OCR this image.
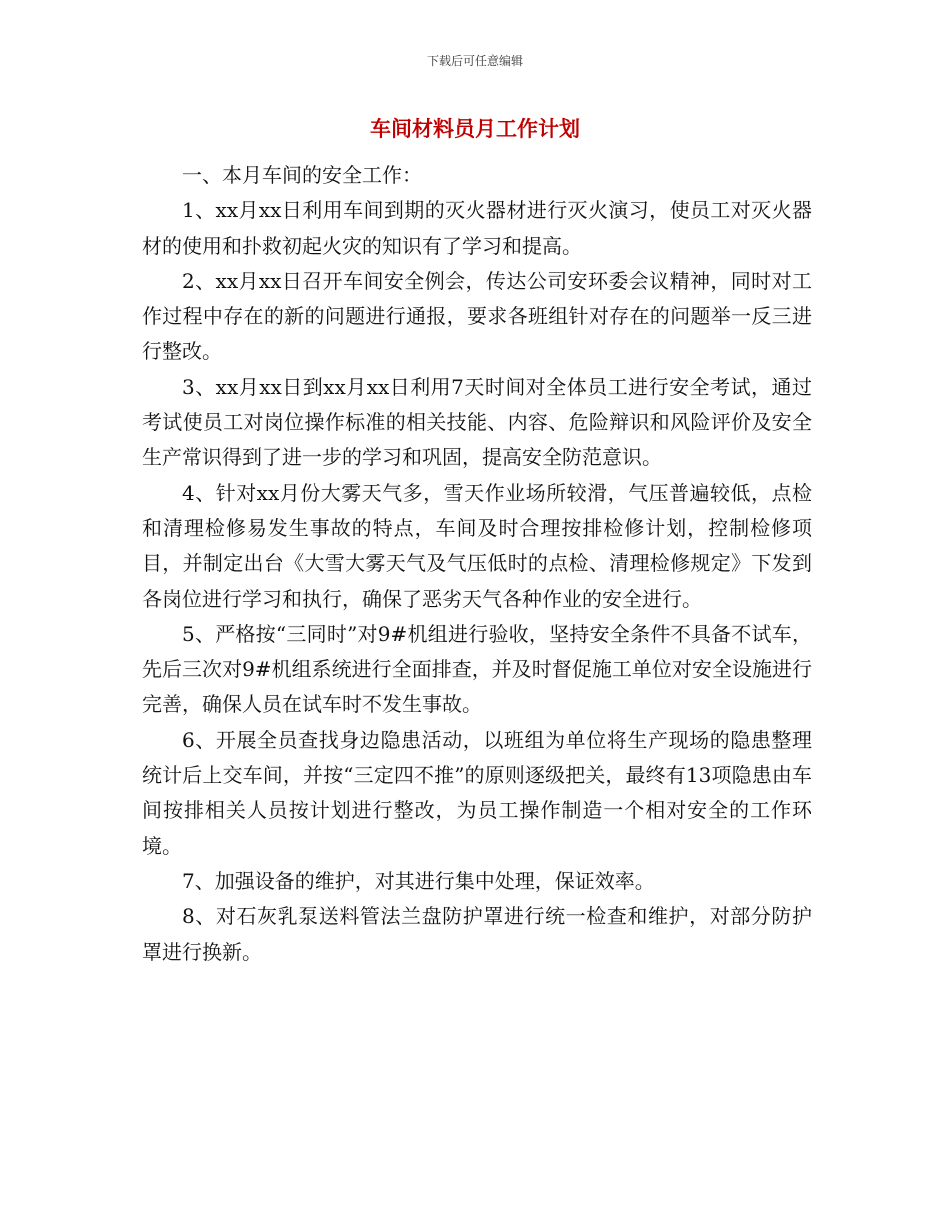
下载后可任意编辑
车间材料员月工作计划

一、本月车间的安全工作：

1、xx月xx日利用车间到期的灭火器材进行灭火演习，使员工对灭火器材的使用和扑救初起火灾的知识有了学习和提高。

2、xx月xx日召开车间安全例会，传达公司安环委会议精神，同时对工作过程中存在的新的问题进行通报，要求各班组针对存在的问题举一反三进行整改。

3、xx月xx日到xx月xx日利用7天时间对全体员工进行安全考试，通过考试使员工对岗位操作标准的相关技能、内容、危险辩识和风险评价及安全生产常识得到了进一步的学习和巩固，提高安全防范意识。

4、针对xx月份大雾天气多，雪天作业场所较滑，气压普遍较低，点检和清理检修易发生事故的特点，车间及时合理按排检修计划，控制检修项目，并制定出台《大雪大雾天气及气压低时的点检、清理检修规定》下发到各岗位进行学习和执行，确保了恶劣天气各种作业的安全进行。

5、严格按“三同时”对9#机组进行验收，坚持安全条件不具备不试车，先后三次对9#机组系统进行全面排查，并及时督促施工单位对安全设施进行完善，确保人员在试车时不发生事故。

6、开展全员查找身边隐患活动，以班组为单位将生产现场的隐患整理统计后上交车间，并按“三定四不推”的原则逐级把关，最终有13项隐患由车间按排相关人员按计划进行整改，为员工操作制造一个相对安全的工作环境。

7、加强设备的维护，对其进行集中处理，保证效率。

8、对石灰乳泵送料管法兰盘防护罩进行统一检查和维护，对部分防护罩进行换新。
